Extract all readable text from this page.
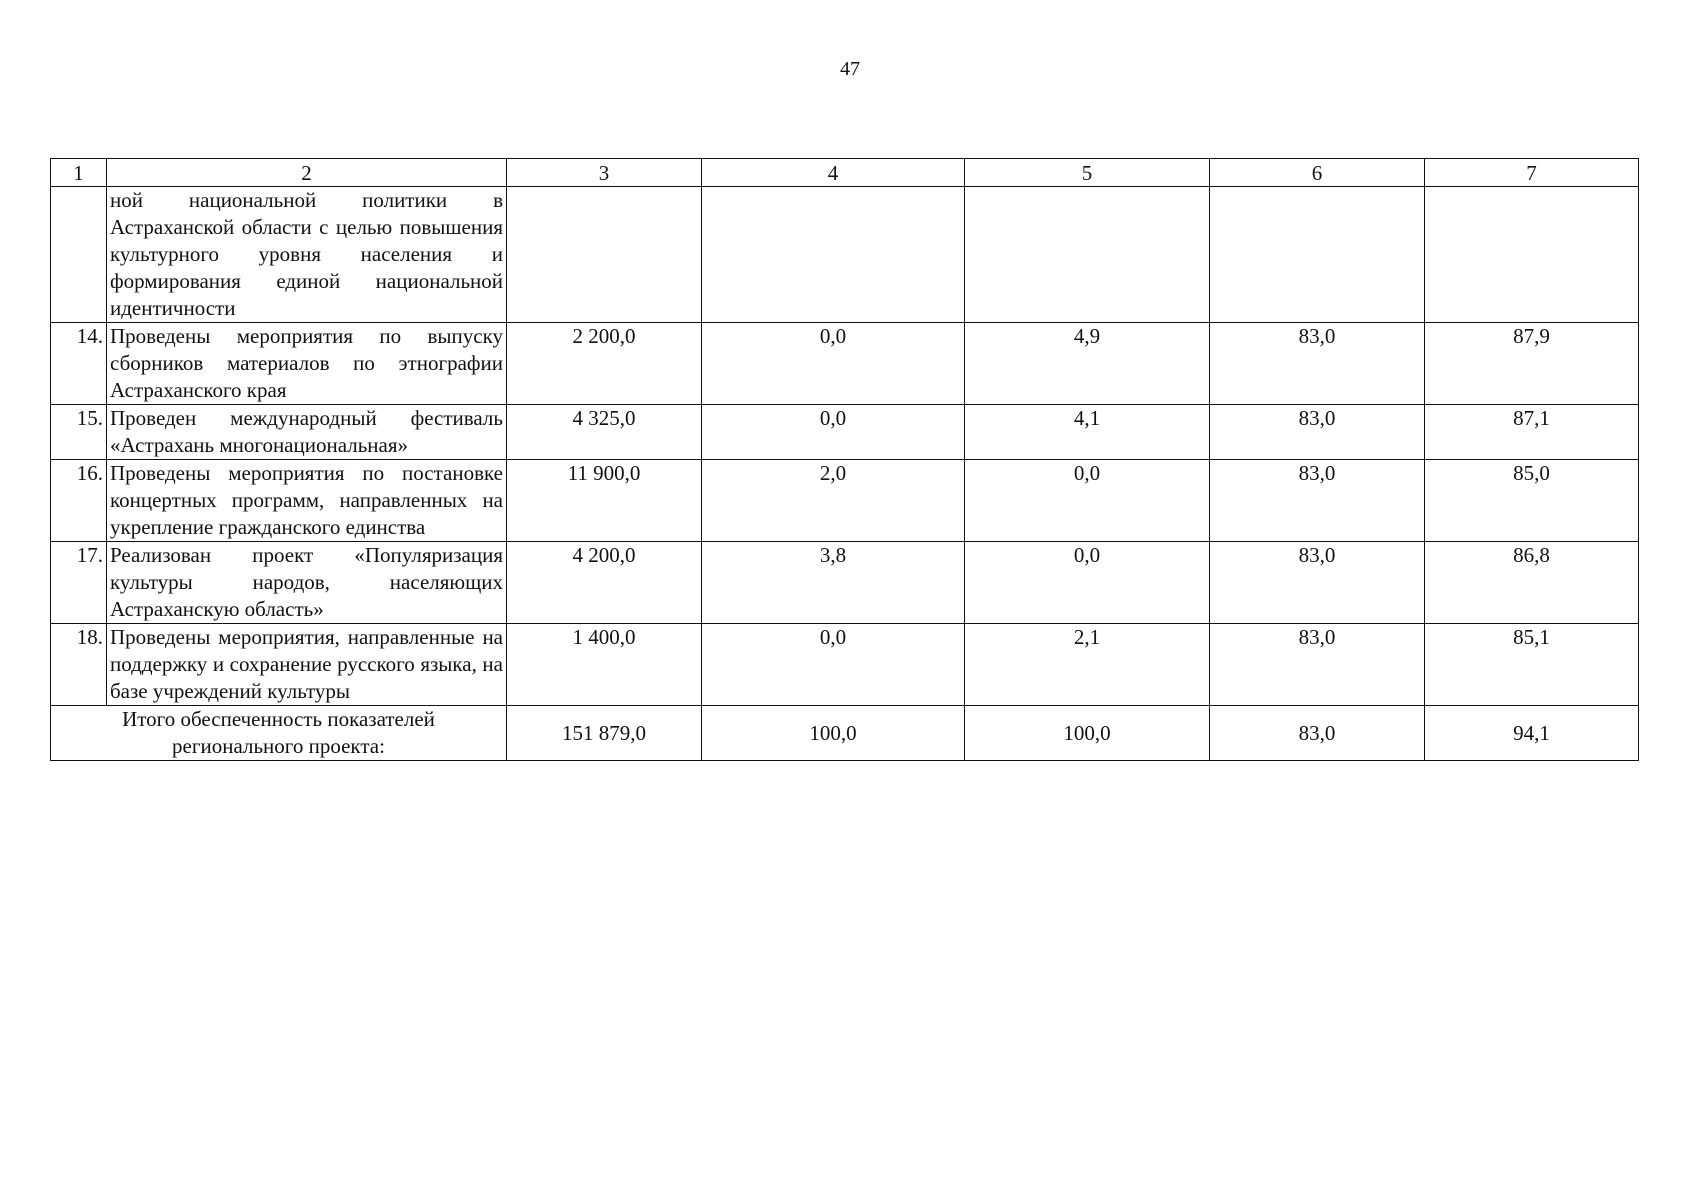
47
1	2	3	4	5	6	7
	ной национальной политики в Астраханской области с целью повышения культурного уровня населения и формирования единой национальной идентичности					
14.	Проведены мероприятия по выпуску сборников материалов по этнографии Астраханского края	2 200,0	0,0	4,9	83,0	87,9
15.	Проведен международный фестиваль «Астрахань многонациональная»	4 325,0	0,0	4,1	83,0	87,1
16.	Проведены мероприятия по постановке концертных программ, направленных на укрепление гражданского единства	11 900,0	2,0	0,0	83,0	85,0
17.	Реализован проект «Популяризация культуры народов, населяющих Астраханскую область»	4 200,0	3,8	0,0	83,0	86,8
18.	Проведены мероприятия, направленные на поддержку и сохранение русского языка, на базе учреждений культуры	1 400,0	0,0	2,1	83,0	85,1
Итого обеспеченность показателей регионального проекта:		151 879,0	100,0	100,0	83,0	94,1
